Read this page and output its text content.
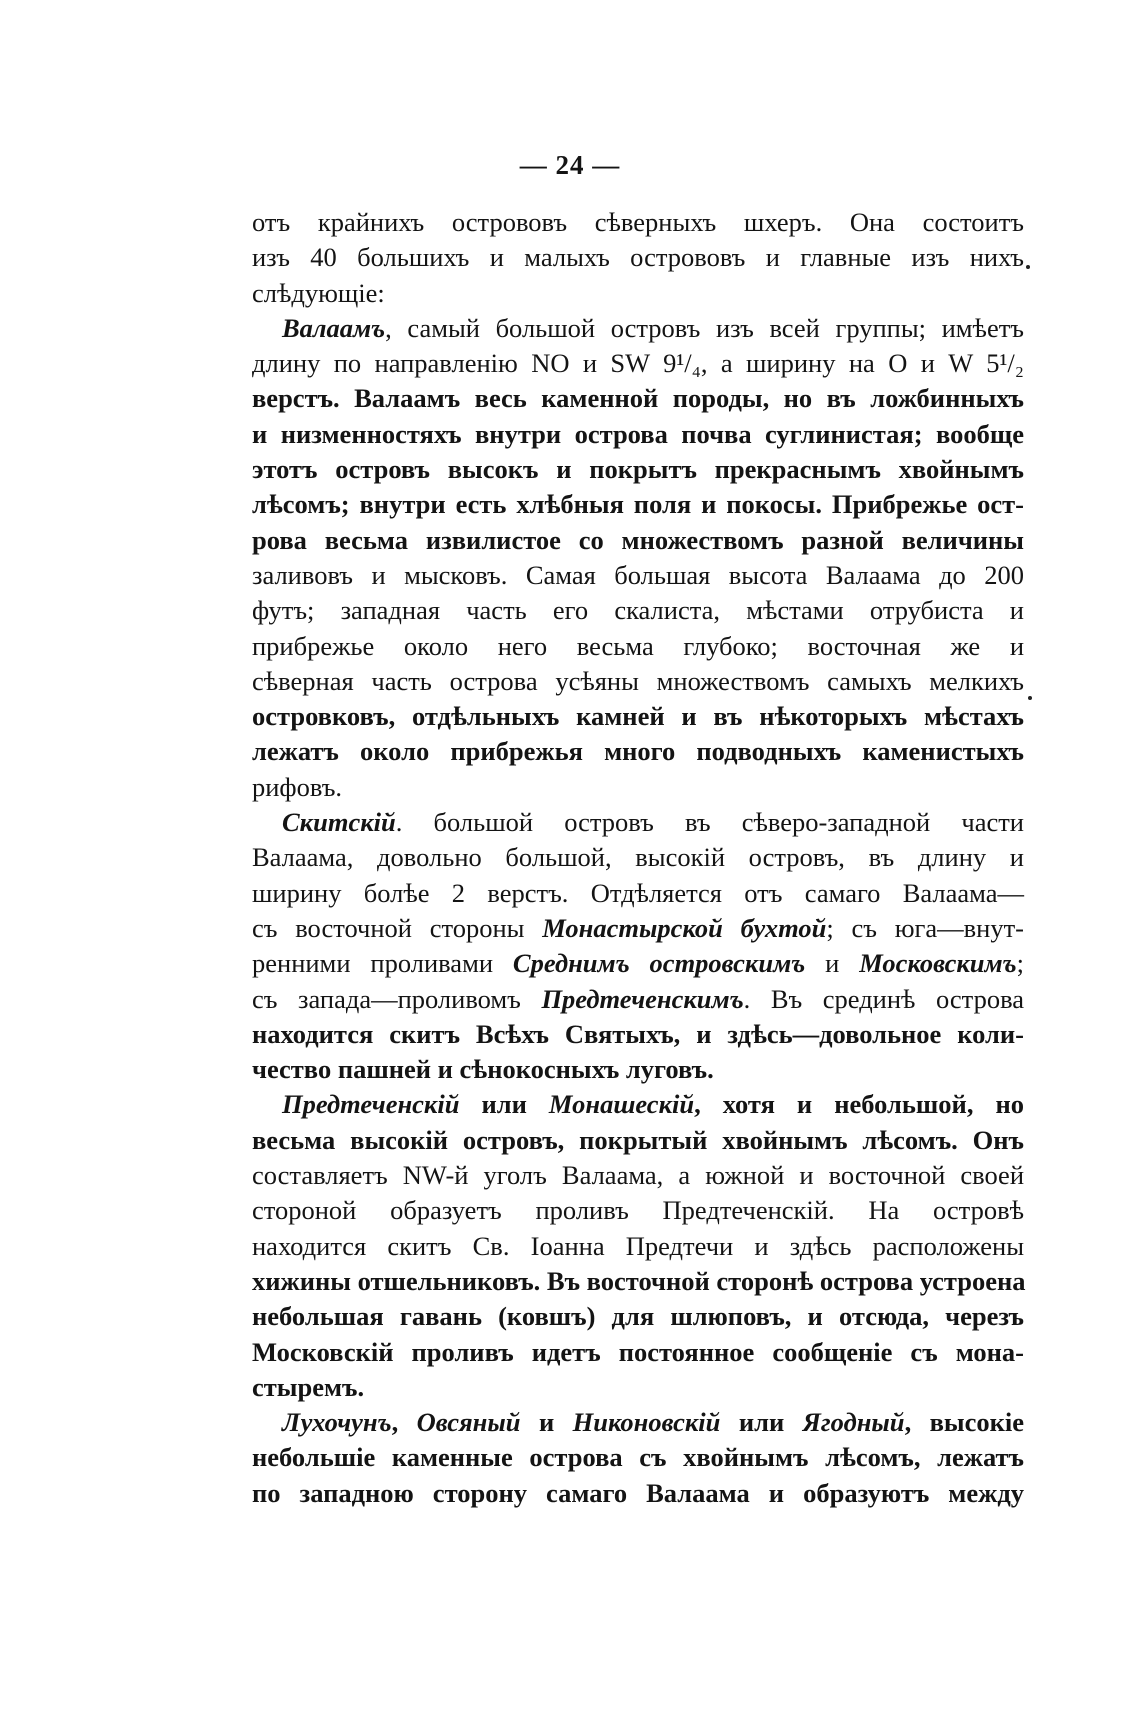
— 24 —
отъ крайнихъ острововъ сѣверныхъ шхеръ. Она состоитъ
изъ 40 большихъ и малыхъ острововъ и главные изъ нихъ
слѣдующіе:
Валаамъ, самый большой островъ изъ всей группы; имѣетъ
длину по направленію NO и SW 9¹/₄, а ширину на O и W 5¹/₂
верстъ. Валаамъ весь каменной породы, но въ ложбинныхъ
и низменностяхъ внутри острова почва суглинистая; вообще
этотъ островъ высокъ и покрытъ прекраснымъ хвойнымъ
лѣсомъ; внутри есть хлѣбныя поля и покосы. Прибрежье ост-
рова весьма извилистое со множествомъ разной величины
заливовъ и мысковъ. Самая большая высота Валаама до 200
футъ; западная часть его скалиста, мѣстами отрубиста и
прибрежье около него весьма глубоко; восточная же и
сѣверная часть острова усѣяны множествомъ самыхъ мелкихъ
островковъ, отдѣльныхъ камней и въ нѣкоторыхъ мѣстахъ
лежатъ около прибрежья много подводныхъ каменистыхъ
рифовъ.
Скитскій. большой островъ въ сѣверо-западной части
Валаама, довольно большой, высокій островъ, въ длину и
ширину болѣе 2 верстъ. Отдѣляется отъ самаго Валаама—
съ восточной стороны Монастырской бухтой; съ юга—внут-
ренними проливами Среднимъ островскимъ и Московскимъ;
съ запада—проливомъ Предтеченскимъ. Въ срединѣ острова
находится скитъ Всѣхъ Святыхъ, и здѣсь—довольное коли-
чество пашней и сѣнокосныхъ луговъ.
Предтеченскій или Монашескій, хотя и небольшой, но
весьма высокій островъ, покрытый хвойнымъ лѣсомъ. Онъ
составляетъ NW-й уголъ Валаама, а южной и восточной своей
стороной образуетъ проливъ Предтеченскій. На островѣ
находится скитъ Св. Іоанна Предтечи и здѣсь расположены
хижины отшельниковъ. Въ восточной сторонѣ острова устроена
небольшая гавань (ковшъ) для шлюповъ, и отсюда, черезъ
Московскій проливъ идетъ постоянное сообщеніе съ мона-
стыремъ.
Лухочунъ, Овсяный и Никоновскій или Ягодный, высокіе
небольшіе каменные острова съ хвойнымъ лѣсомъ, лежатъ
по западною сторону самаго Валаама и образуютъ между
